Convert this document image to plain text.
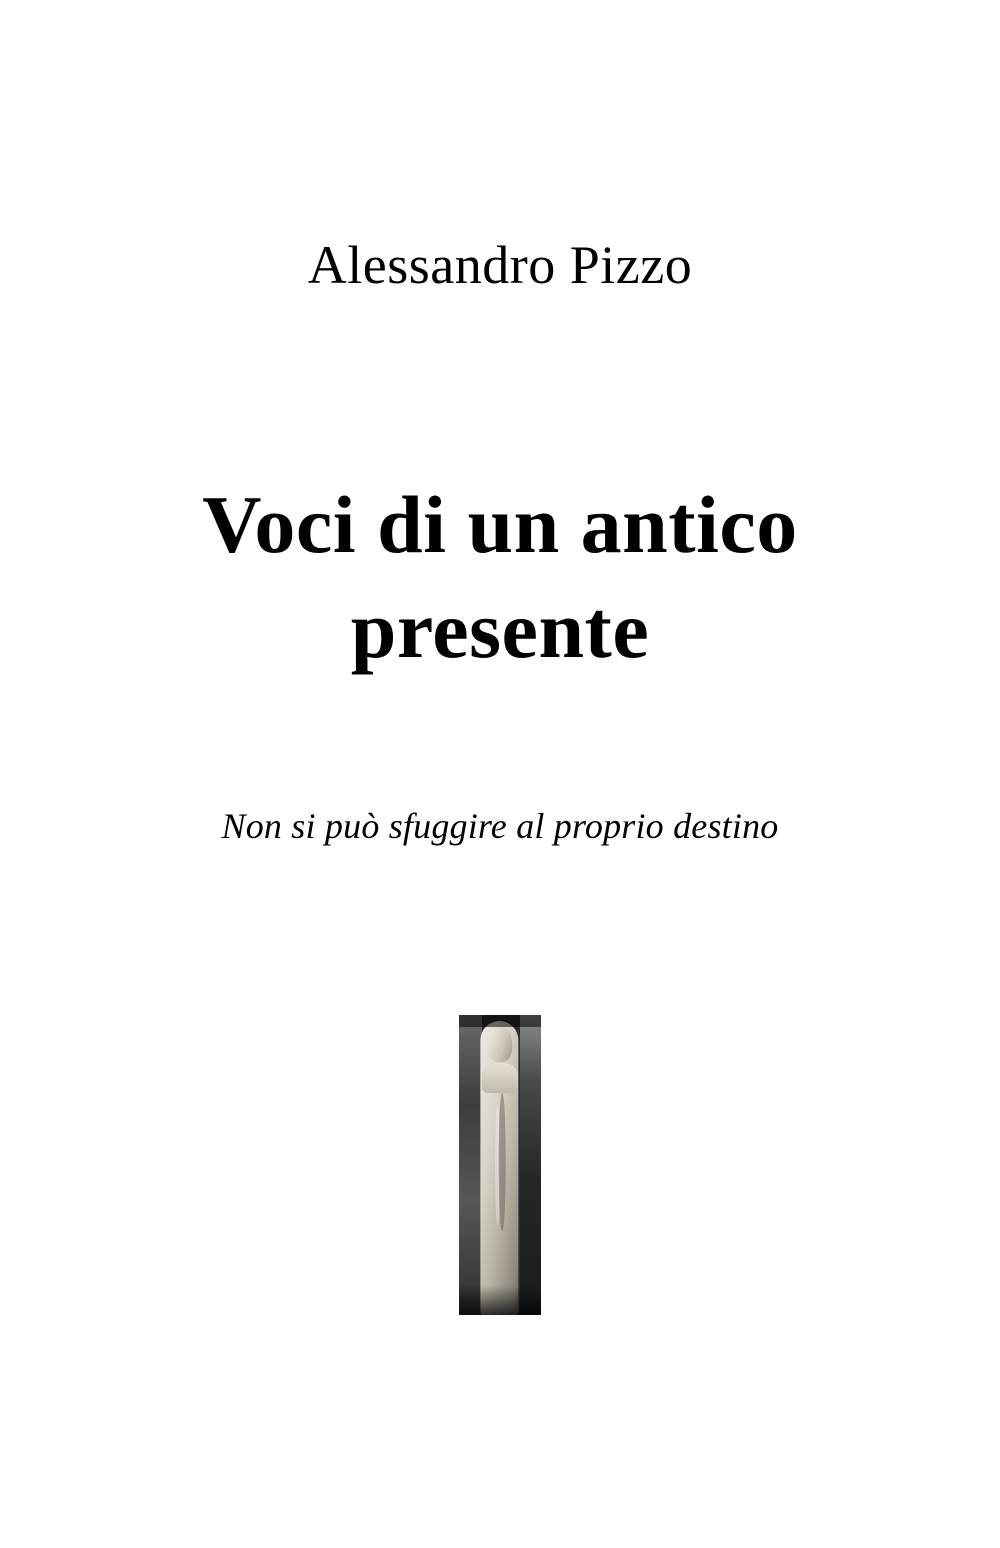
Alessandro Pizzo
Voci di un antico presente
Non si può sfuggire al proprio destino
